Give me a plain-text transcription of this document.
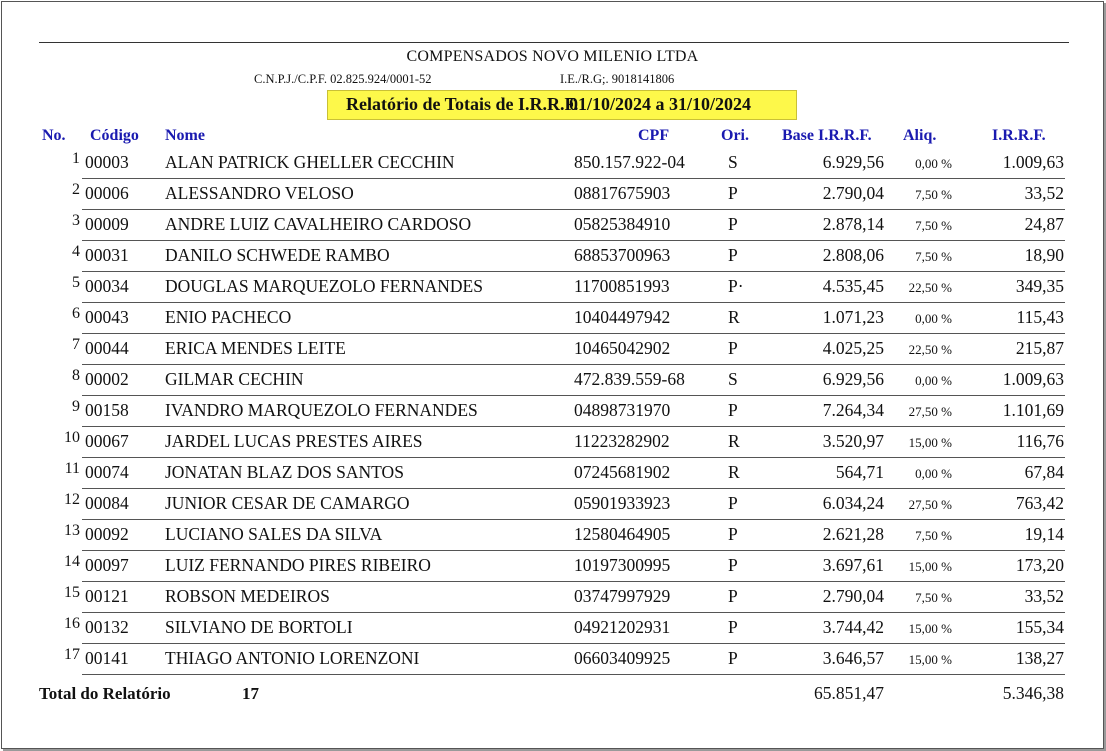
COMPENSADOS NOVO MILENIO LTDA
C.N.P.J./C.P.F. 02.825.924/0001-52	I.E./R.G;. 9018141806
Relatório de Totais de I.R.R.F.
01/10/2024 a 31/10/2024
No. Código Nome	CPF	Ori. Base I.R.R.F. Aliq.	I.R.R.F.
1 00003 ALAN PATRICK GHELLER CECCHIN	850.157.922-04 S	6.929,56	0,00 %	1.009,63
2 00006 ALESSANDRO VELOSO	08817675903	P	2.790,04	7,50 %	33,52
3 00009 ANDRE LUIZ CAVALHEIRO CARDOSO	05825384910	P	2.878,14	7,50 %	24,87
4 00031 DANILO SCHWEDE RAMBO	68853700963	P	2.808,06	7,50 %	18,90
5 00034 DOUGLAS MARQUEZOLO FERNANDES	11700851993	P·	4.535,45	22,50 %	349,35
6 00043 ENIO PACHECO	10404497942	R	1.071,23	0,00 %	115,43
7 00044 ERICA MENDES LEITE	10465042902	P	4.025,25	22,50 %	215,87
8 00002 GILMAR CECHIN	472.839.559-68 S	6.929,56	0,00 %	1.009,63
9 00158 IVANDRO MARQUEZOLO FERNANDES	04898731970	P	7.264,34	27,50 %	1.101,69
10 00067 JARDEL LUCAS PRESTES AIRES	11223282902	R	3.520,97	15,00 %	116,76
11 00074 JONATAN BLAZ DOS SANTOS	07245681902	R	564,71	0,00 %	67,84
12 00084 JUNIOR CESAR DE CAMARGO	05901933923	P	6.034,24	27,50 %	763,42
13 00092 LUCIANO SALES DA SILVA	12580464905	P	2.621,28	7,50 %	19,14
14 00097 LUIZ FERNANDO PIRES RIBEIRO	10197300995	P	3.697,61	15,00 %	173,20
15 00121 ROBSON MEDEIROS	03747997929	P	2.790,04	7,50 %	33,52
16 00132 SILVIANO DE BORTOLI	04921202931	P	3.744,42	15,00 %	155,34
17 00141 THIAGO ANTONIO LORENZONI	06603409925	P	3.646,57	15,00 %	138,27
Total do Relatório	17	65.851,47	5.346,38
